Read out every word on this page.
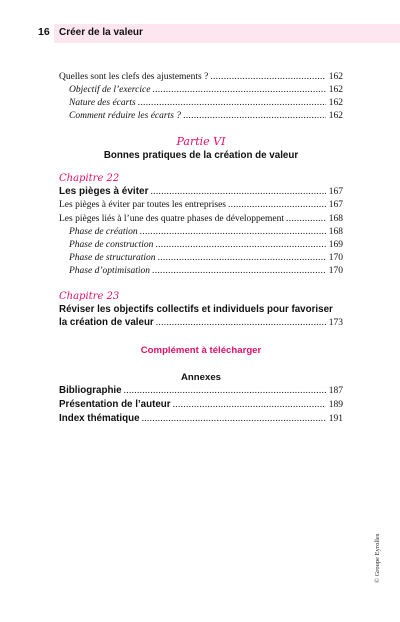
16 Créer de la valeur
Quelles sont les clefs des ajustements ? .....	162
Objectif de l’exercice .....	162
Nature des écarts .....	162
Comment réduire les écarts ? .....	162
Partie VI
Bonnes pratiques de la création de valeur
Chapitre 22
Les pièges à éviter .....	167
Les pièges à éviter par toutes les entreprises .....	167
Les pièges liés à l’une des quatre phases de développement .....	168
Phase de création .....	168
Phase de construction .....	169
Phase de structuration .....	170
Phase d’optimisation .....	170
Chapitre 23
Réviser les objectifs collectifs et individuels pour favoriser
la création de valeur .....	173
Complément à télécharger
Annexes
Bibliographie .....	187
Présentation de l’auteur .....	189
Index thématique .....	191
© Groupe Eyrolles
